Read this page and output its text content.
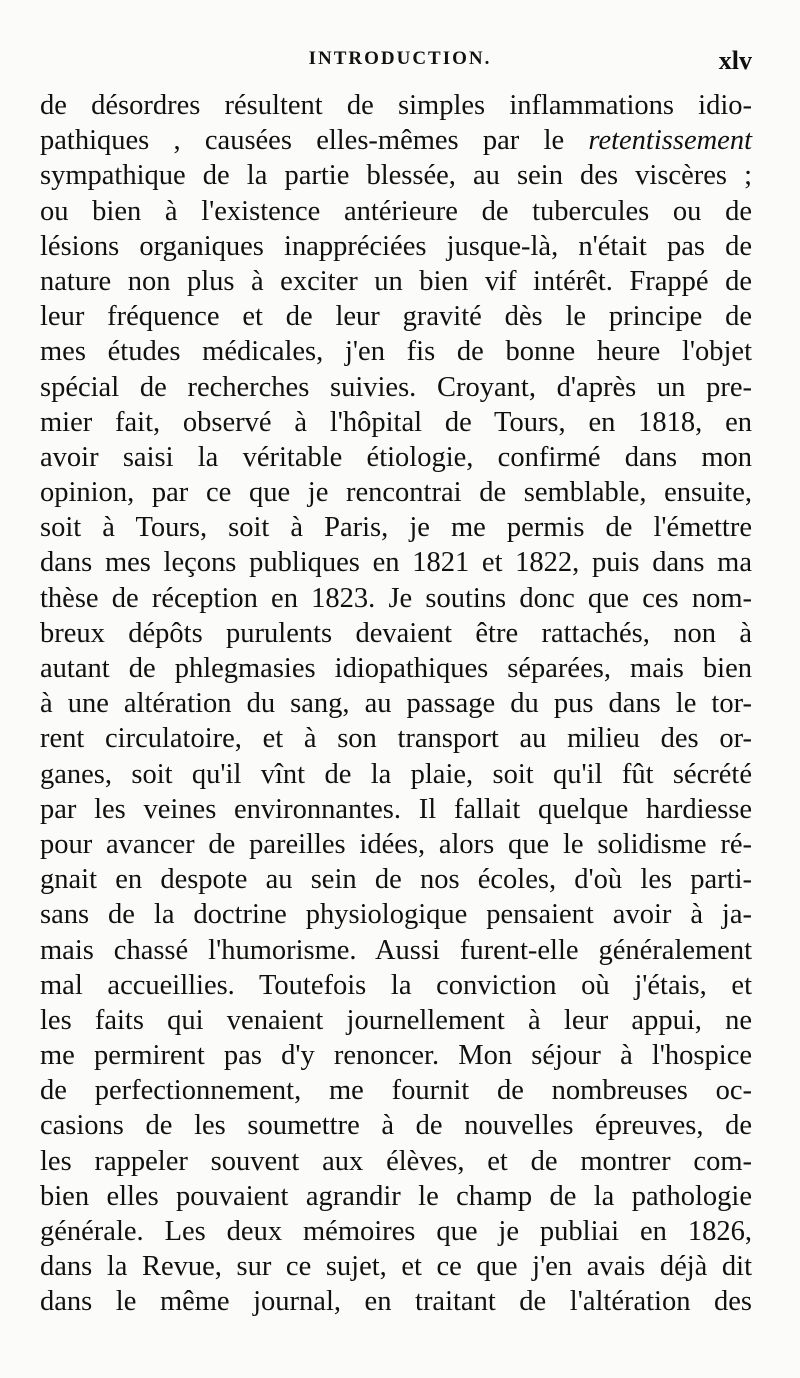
INTRODUCTION.	xlv
de désordres résultent de simples inflammations idio-
pathiques , causées elles-mêmes par le retentissement
sympathique de la partie blessée, au sein des viscères ;
ou bien à l'existence antérieure de tubercules ou de
lésions organiques inappréciées jusque-là, n'était pas de
nature non plus à exciter un bien vif intérêt. Frappé de
leur fréquence et de leur gravité dès le principe de
mes études médicales, j'en fis de bonne heure l'objet
spécial de recherches suivies. Croyant, d'après un pre-
mier fait, observé à l'hôpital de Tours, en 1818, en
avoir saisi la véritable étiologie, confirmé dans mon
opinion, par ce que je rencontrai de semblable, ensuite,
soit à Tours, soit à Paris, je me permis de l'émettre
dans mes leçons publiques en 1821 et 1822, puis dans ma
thèse de réception en 1823. Je soutins donc que ces nom-
breux dépôts purulents devaient être rattachés, non à
autant de phlegmasies idiopathiques séparées, mais bien
à une altération du sang, au passage du pus dans le tor-
rent circulatoire, et à son transport au milieu des or-
ganes, soit qu'il vînt de la plaie, soit qu'il fût sécrété
par les veines environnantes. Il fallait quelque hardiesse
pour avancer de pareilles idées, alors que le solidisme ré-
gnait en despote au sein de nos écoles, d'où les parti-
sans de la doctrine physiologique pensaient avoir à ja-
mais chassé l'humorisme. Aussi furent-elle généralement
mal accueillies. Toutefois la conviction où j'étais, et
les faits qui venaient journellement à leur appui, ne
me permirent pas d'y renoncer. Mon séjour à l'hospice
de perfectionnement, me fournit de nombreuses oc-
casions de les soumettre à de nouvelles épreuves, de
les rappeler souvent aux élèves, et de montrer com-
bien elles pouvaient agrandir le champ de la pathologie
générale. Les deux mémoires que je publiai en 1826,
dans la Revue, sur ce sujet, et ce que j'en avais déjà dit
dans le même journal, en traitant de l'altération des
